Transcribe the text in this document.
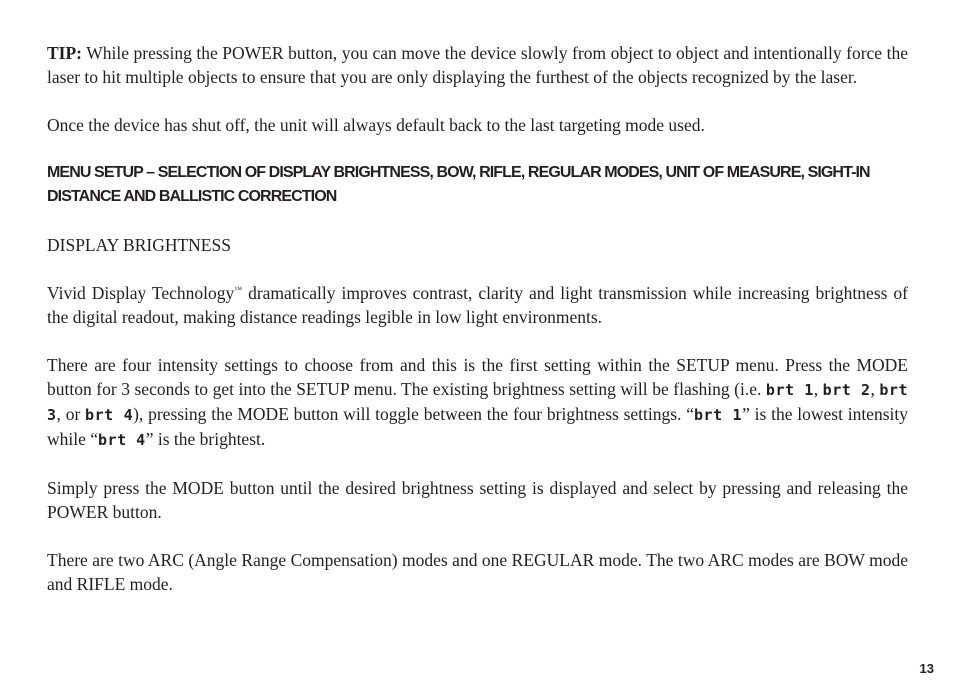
TIP: While pressing the POWER button, you can move the device slowly from object to object and intentionally force the laser to hit multiple objects to ensure that you are only displaying the furthest of the objects recognized by the laser.

Once the device has shut off, the unit will always default back to the last targeting mode used.

MENU SETUP – SELECTION OF DISPLAY BRIGHTNESS, BOW, RIFLE, REGULAR MODES, UNIT OF MEASURE, SIGHT-IN DISTANCE AND BALLISTIC CORRECTION

DISPLAY BRIGHTNESS

Vivid Display Technology™ dramatically improves contrast, clarity and light transmission while increasing brightness of the digital readout, making distance readings legible in low light environments.

There are four intensity settings to choose from and this is the first setting within the SETUP menu. Press the MODE button for 3 seconds to get into the SETUP menu. The existing brightness setting will be flashing (i.e. brt 1, brt 2, brt 3, or brt 4), pressing the MODE button will toggle between the four brightness settings. “brt 1” is the lowest intensity while “brt 4” is the brightest.

Simply press the MODE button until the desired brightness setting is displayed and select by pressing and releasing the POWER button.

There are two ARC (Angle Range Compensation) modes and one REGULAR mode. The two ARC modes are BOW mode and RIFLE mode.

13
